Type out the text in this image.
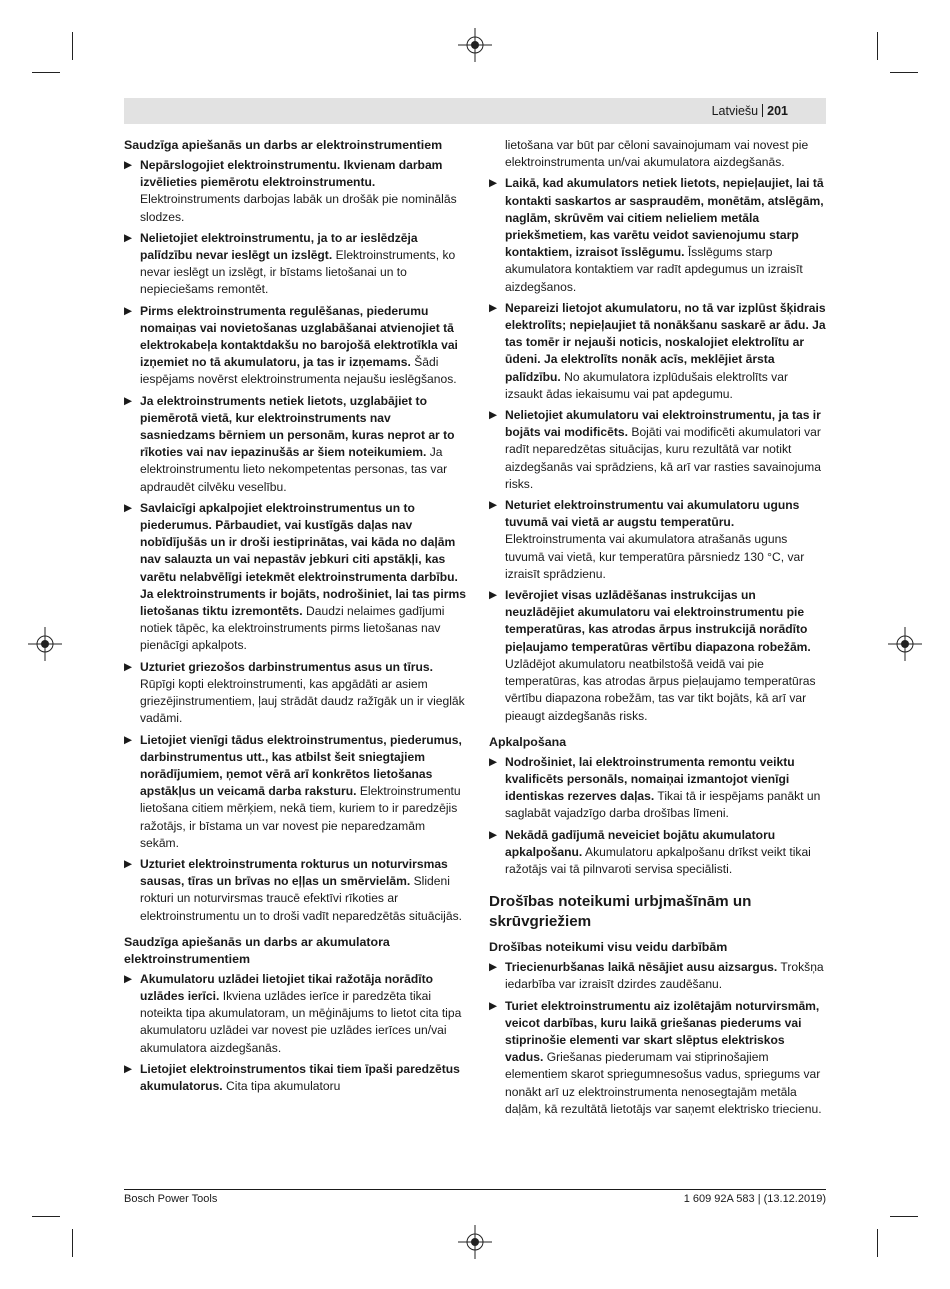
Latviešu 201
Saudzīga apiešanās un darbs ar elektroinstrumentiem
▶ Nepārslogojiet elektroinstrumentu. Ikvienam darbam izvēlieties piemērotu elektroinstrumentu. Elektroinstruments darbojas labāk un drošāk pie nominālās slodzes.
▶ Nelietojiet elektroinstrumentu, ja to ar ieslēdzēja palīdzību nevar ieslēgt un izslēgt. Elektroinstruments, ko nevar ieslēgt un izslēgt, ir bīstams lietošanai un to nepieciešams remontēt.
▶ Pirms elektroinstrumenta regulēšanas, piederumu nomaiņas vai novietošanas uzglabāšanai atvienojiet tā elektrokabeļa kontaktdakšu no barojošā elektrotīkla vai izņemiet no tā akumulatoru, ja tas ir izņemams. Šādi iespējams novērst elektroinstrumenta nejaušu ieslēgšanos.
▶ Ja elektroinstruments netiek lietots, uzglabājiet to piemērotā vietā, kur elektroinstruments nav sasniedzams bērniem un personām, kuras neprot ar to rīkoties vai nav iepazinušās ar šiem noteikumiem. Ja elektroinstrumentu lieto nekompetentas personas, tas var apdraudēt cilvēku veselību.
▶ Savlaicīgi apkalpojiet elektroinstrumentus un to piederumus. Pārbaudiet, vai kustīgās daļas nav nobīdījušās un ir droši iestiprinātas, vai kāda no daļām nav salauzta un vai nepastāv jebkuri citi apstākļi, kas varētu nelabvēlīgi ietekmēt elektroinstrumenta darbību. Ja elektroinstruments ir bojāts, nodrošiniet, lai tas pirms lietošanas tiktu izremontēts. Daudzi nelaimes gadījumi notiek tāpēc, ka elektroinstruments pirms lietošanas nav pienācīgi apkalpots.
▶ Uzturiet griezošos darbinstrumentus asus un tīrus. Rūpīgi kopti elektroinstrumenti, kas apgādāti ar asiem griezējinstrumentiem, ļauj strādāt daudz ražīgāk un ir vieglāk vadāmi.
▶ Lietojiet vienīgi tādus elektroinstrumentus, piederumus, darbinstrumentus utt., kas atbilst šeit sniegtajiem norādījumiem, ņemot vērā arī konkrētos lietošanas apstākļus un veicamā darba raksturu. Elektroinstrumentu lietošana citiem mērķiem, nekā tiem, kuriem to ir paredzējis ražotājs, ir bīstama un var novest pie neparedzamām sekām.
▶ Uzturiet elektroinstrumenta rokturus un noturvirsmas sausas, tīras un brīvas no eļļas un smērvielām. Slideni rokturi un noturvirsmas traucē efektīvi rīkoties ar elektroinstrumentu un to droši vadīt neparedzētās situācijās.
Saudzīga apiešanās un darbs ar akumulatora elektroinstrumentiem
▶ Akumulatoru uzlādei lietojiet tikai ražotāja norādīto uzlādes ierīci. Ikviena uzlādes ierīce ir paredzēta tikai noteikta tipa akumulatoram, un mēģinājums to lietot cita tipa akumulatoru uzlādei var novest pie uzlādes ierīces un/vai akumulatora aizdegšanās.
▶ Lietojiet elektroinstrumentos tikai tiem īpaši paredzētus akumulatorus. Cita tipa akumulatoru
lietošana var būt par cēloni savainojumam vai novest pie elektroinstrumenta un/vai akumulatora aizdegšanās.
▶ Laikā, kad akumulators netiek lietots, nepieļaujiet, lai tā kontakti saskartos ar saspraudēm, monētām, atslēgām, naglām, skrūvēm vai citiem nelieliem metāla priekšmetiem, kas varētu veidot savienojumu starp kontaktiem, izraisot īsslēgumu. Īsslēgums starp akumulatora kontaktiem var radīt apdegumus un izraisīt aizdegšanos.
▶ Nepareizi lietojot akumulatoru, no tā var izplūst šķidrais elektrolīts; nepieļaujiet tā nonākšanu saskarē ar ādu. Ja tas tomēr ir nejauši noticis, noskalojiet elektrolītu ar ūdeni. Ja elektrolīts nonāk acīs, meklējiet ārsta palīdzību. No akumulatora izplūdušais elektrolīts var izsaukt ādas iekaisumu vai pat apdegumu.
▶ Nelietojiet akumulatoru vai elektroinstrumentu, ja tas ir bojāts vai modificēts. Bojāti vai modificēti akumulatori var radīt neparedzētas situācijas, kuru rezultātā var notikt aizdegšanās vai sprādziens, kā arī var rasties savainojuma risks.
▶ Neturiet elektroinstrumentu vai akumulatoru uguns tuvumā vai vietā ar augstu temperatūru. Elektroinstrumenta vai akumulatora atrašanās uguns tuvumā vai vietā, kur temperatūra pārsniedz 130 °C, var izraisīt sprādzienu.
▶ Ievērojiet visas uzlādēšanas instrukcijas un neuzlādējiet akumulatoru vai elektroinstrumentu pie temperatūras, kas atrodas ārpus instrukcijā norādīto pieļaujamo temperatūras vērtību diapazona robežām. Uzlādējot akumulatoru neatbilstošā veidā vai pie temperatūras, kas atrodas ārpus pieļaujamo temperatūras vērtību diapazona robežām, tas var tikt bojāts, kā arī var pieaugt aizdegšanās risks.
Apkalpošana
▶ Nodrošiniet, lai elektroinstrumenta remontu veiktu kvalificēts personāls, nomaiņai izmantojot vienīgi identiskas rezerves daļas. Tikai tā ir iespējams panākt un saglabāt vajadzīgo darba drošības līmeni.
▶ Nekādā gadījumā neveiciet bojātu akumulatoru apkalpošanu. Akumulatoru apkalpošanu drīkst veikt tikai ražotājs vai tā pilnvaroti servisa speciālisti.
Drošības noteikumi urbjmašīnām un skrūvgriežiem
Drošības noteikumi visu veidu darbībām
▶ Triecienurbšanas laikā nēsājiet ausu aizsargus. Trokšņa iedarbība var izraisīt dzirdes zaudēšanu.
▶ Turiet elektroinstrumentu aiz izolētajām noturvirsmām, veicot darbības, kuru laikā griešanas piederums vai stiprinošie elementi var skart slēptus elektriskos vadus. Griešanas piederumam vai stiprinošajiem elementiem skarot spriegumnesošus vadus, spriegums var nonākt arī uz elektroinstrumenta nenosegtajām metāla daļām, kā rezultātā lietotājs var saņemt elektrisko triecienu.
Bosch Power Tools	1 609 92A 583 | (13.12.2019)
